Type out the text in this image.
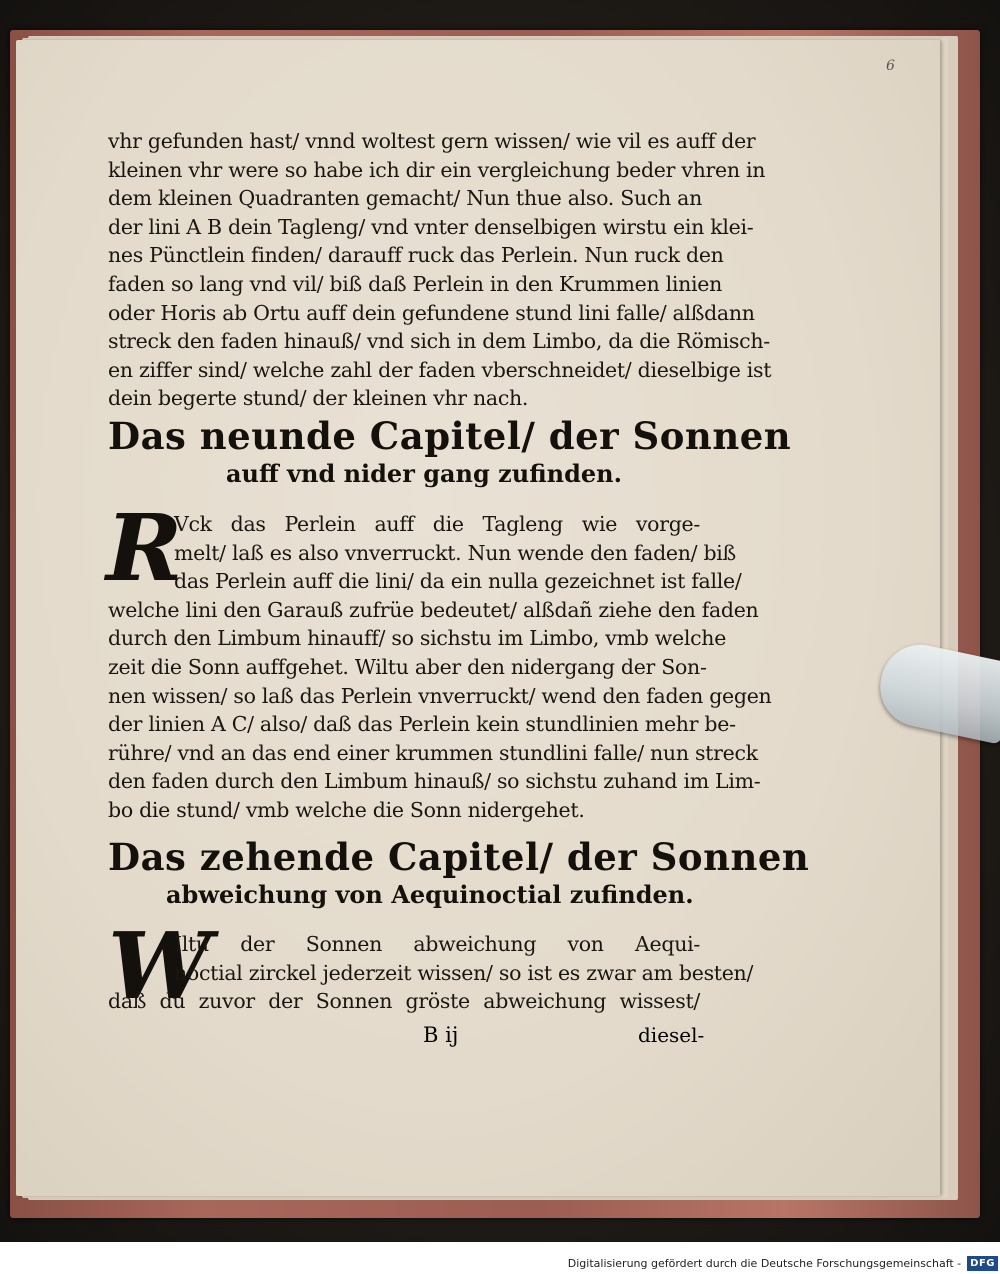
6
vhr gefunden hast/ vnnd woltest gern wissen/ wie vil es auff der
kleinen vhr were so habe ich dir ein vergleichung beder vhren in
dem kleinen Quadranten gemacht/ Nun thue also. Such an
der lini A B dein Tagleng/ vnd vnter denselbigen wirstu ein klei-
nes Pünctlein finden/ darauff ruck das Perlein. Nun ruck den
faden so lang vnd vil/ biß daß Perlein in den Krummen linien
oder Horis ab Ortu auff dein gefundene stund lini falle/ alßdann
streck den faden hinauß/ vnd sich in dem Limbo, da die Römisch-
en ziffer sind/ welche zahl der faden vberschneidet/ dieselbige ist
dein begerte stund/ der kleinen vhr nach.
Das neunde Capitel/ der Sonnen
auff vnd nider gang zufinden.
R
Vck das Perlein auff die Tagleng wie vorge-
melt/ laß es also vnverruckt. Nun wende den faden/ biß
das Perlein auff die lini/ da ein nulla gezeichnet ist falle/
welche lini den Garauß zufrüe bedeutet/ alßdañ ziehe den faden
durch den Limbum hinauff/ so sichstu im Limbo, vmb welche
zeit die Sonn auffgehet. Wiltu aber den nidergang der Son-
nen wissen/ so laß das Perlein vnverruckt/ wend den faden gegen
der linien A C/ also/ daß das Perlein kein stundlinien mehr be-
rühre/ vnd an das end einer krummen stundlini falle/ nun streck
den faden durch den Limbum hinauß/ so sichstu zuhand im Lim-
bo die stund/ vmb welche die Sonn nidergehet.
Das zehende Capitel/ der Sonnen
abweichung von Aequinoctial zufinden.
W
Iltu der Sonnen abweichung von Aequi-
noctial zirckel jederzeit wissen/ so ist es zwar am besten/
daß du zuvor der Sonnen gröste abweichung wissest/
B ij	diesel-
Digitalisierung gefördert durch die Deutsche Forschungsgemeinschaft - DFG
